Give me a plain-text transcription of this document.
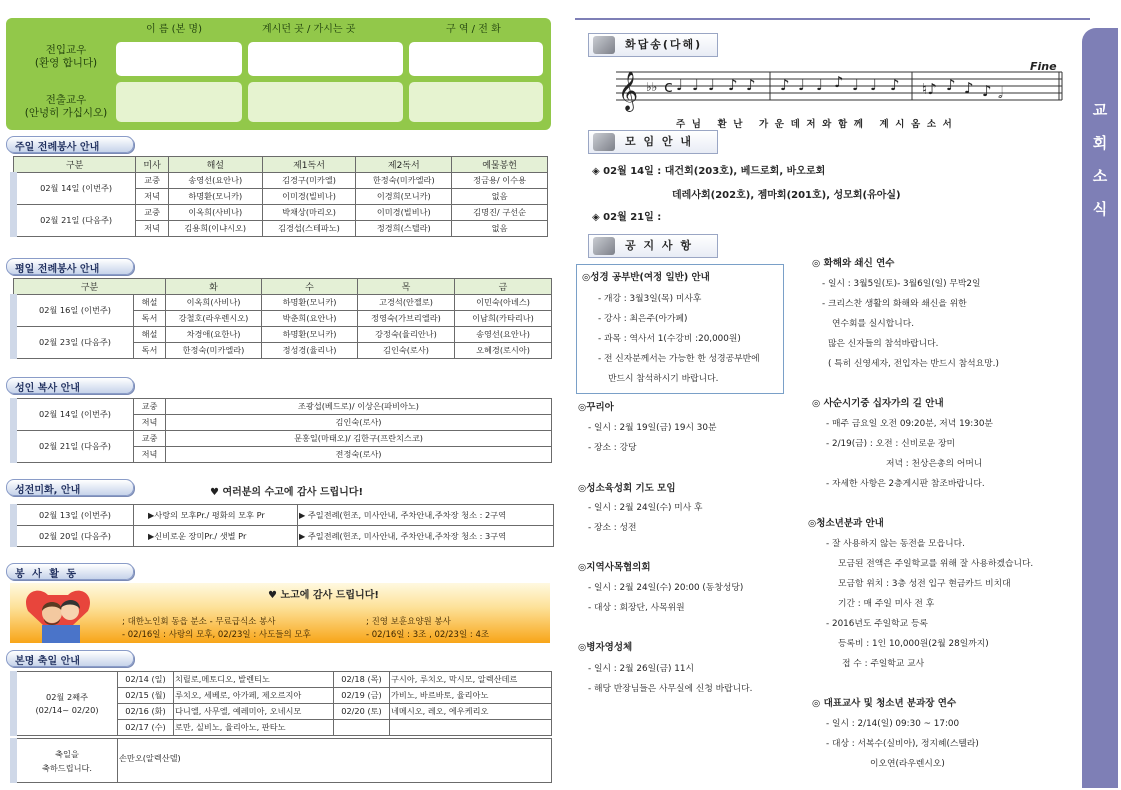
이 름 (본 명)	계시던 곳 / 가시는 곳	구 역 / 전 화
전입교우
(환영 합니다)
전출교우
(안녕히 가십시오)
주일 전례봉사 안내
구분	미사	해설	제1독서	제2독서	예물봉헌
02월 14일 (이번주)	교중	송영선(요안나)	김경구(미카엘)	한정숙(미카엘라)	정금용/ 이수용
	저녁	하명환(모니카)	이미경(빌비나)	이경희(모니카)	없음
02월 21일 (다음주)	교중	이옥희(사비나)	박채상(마리오)	이미경(빌비나)	김명진/ 구선순
	저녁	김용희(이냐시오)	김경섭(스테파노)	정경희(스텔라)	없음
평일 전례봉사 안내
구분		화	수	목	금
02월 16일 (이번주)	해설	이옥희(사비나)	하명환(모니카)	고경석(안젤로)	이민숙(아녜스)
	독서	강철호(라우렌시오)	박춘희(요안나)	정영숙(가브리엘라)	이남희(카타리나)
02월 23일 (다음주)	해설	차경애(요한나)	하명환(모니카)	강정숙(율리안나)	송영선(요안나)
	독서	한정숙(미카엘라)	정성경(율리나)	김인숙(로사)	오혜경(로시아)
성인 복사 안내
02월 14일 (이번주)	교중	조광섭(베드로)/ 이상은(파비아노)
	저녁	김인숙(로사)
02월 21일 (다음주)	교중	문홍일(마태오)/ 김한구(프란치스코)
	저녁	전정숙(로사)
성전미화, 안내	♥ 여러분의 수고에 감사 드립니다!
02월 13일 (이번주)	▶사랑의 모후Pr./ 평화의 모후 Pr	▶ 주일전례(헌조, 미사안내, 주차안내,주차장 청소 : 2구역
02월 20일 (다음주)	▶신비로운 장미Pr./ 샛별 Pr	▶ 주일전례(헌조, 미사안내, 주차안내,주차장 청소 : 3구역
봉 사 활 동
♥ 노고에 감사 드립니다!
; 대한노인회 동읍 분소 - 무료급식소 봉사	; 진영 보훈요양원 봉사
- 02/16일 : 사랑의 모후, 02/23일 : 사도들의 모후	- 02/16일 : 3조 , 02/23일 : 4조
본명 축일 안내
02월 2째주
(02/14~ 02/20)	02/14 (일)	치릴로,메토디오, 발렌티노	02/18 (목)	구시아, 루치오, 막시모, 알렉산데르
	02/15 (월)	루치오, 세베로, 아가페, 제오르지아	02/19 (금)	가비노, 바르바토, 율리아노
	02/16 (화)	다니엘, 사무엘, 예레미아, 오네시모	02/20 (토)	네메시오, 레오, 에우케리오
	02/17 (수)	로만, 실비노, 율리아노, 판타노		
축일을
축하드립니다.	손만오(알렉산델)
교
회
소
식
화답송(다해)
𝄞 ♭♭ c ♩ ♩ ♩ ♪ ♪ ♪ ♩ ♩ ♪ ♩ ♩ ♪ ♮♪ ♪ ♪ ♪ 𝅗𝅥
Fine
주  님     환  난     가  운  데  저  와  함  께     계  시  옴  소  서
모 임 안 내
◈ 02월 14일 : 대건회(203호), 베드로회, 바오로회
데레사회(202호), 젬마회(201호), 성모회(유아실)
◈ 02월 21일 :
공 지 사 항
◎성경 공부반(여정 일반) 안내
- 개강 : 3월3일(목) 미사후
- 강사 : 최은주(아가페)
- 과목 : 역사서 1(수강비 :20,000원)
- 전 신자분께서는 가능한 한 성경공부반에
반드시 참석하시기 바랍니다.
◎꾸리아
- 일시 : 2월 19일(금) 19시 30분
- 장소 : 강당
◎성소육성회 기도 모임
- 일시 : 2월 24일(수) 미사 후
- 장소 : 성전
◎지역사목협의회
- 일시 : 2월 24일(수) 20:00 (동창성당)
- 대상 : 회장단, 사목위원
◎병자영성체
- 일시 : 2월 26일(금) 11시
- 해당 반장님들은 사무실에 신청 바랍니다.
◎ 화해와 쇄신 연수
- 일시 : 3월5일(토)- 3월6일(일) 무박2일
- 크리스찬 생활의 화해와 쇄신을 위한
연수회를 실시합니다.
많은 신자들의 참석바랍니다.
( 특히 신영세자, 전입자는 반드시 참석요망.)
◎ 사순시기중 십자가의 길 안내
- 매주 금요일 오전 09:20분, 저녁 19:30분
- 2/19(금) : 오전 : 신비로운 장미
저녁 : 천상은총의 어머니
- 자세한 사항은 2층게시판 참조바랍니다.
◎청소년분과 안내
- 잘 사용하지 않는 동전을 모읍니다.
모금된 전액은 주일학교를 위해 잘 사용하겠습니다.
모금함 위치 : 3층 성전 입구 현금카드 비치대
기간 : 매 주일 미사 전 후
- 2016년도 주일학교 등록
등록비 : 1인 10,000원(2월 28일까지)
접 수 : 주일학교 교사
◎ 대표교사 및 청소년 분과장 연수
- 일시 : 2/14(일) 09:30 ~ 17:00
- 대상 : 서복수(실비아), 정지혜(스텔라)
이오연(라우렌시오)
